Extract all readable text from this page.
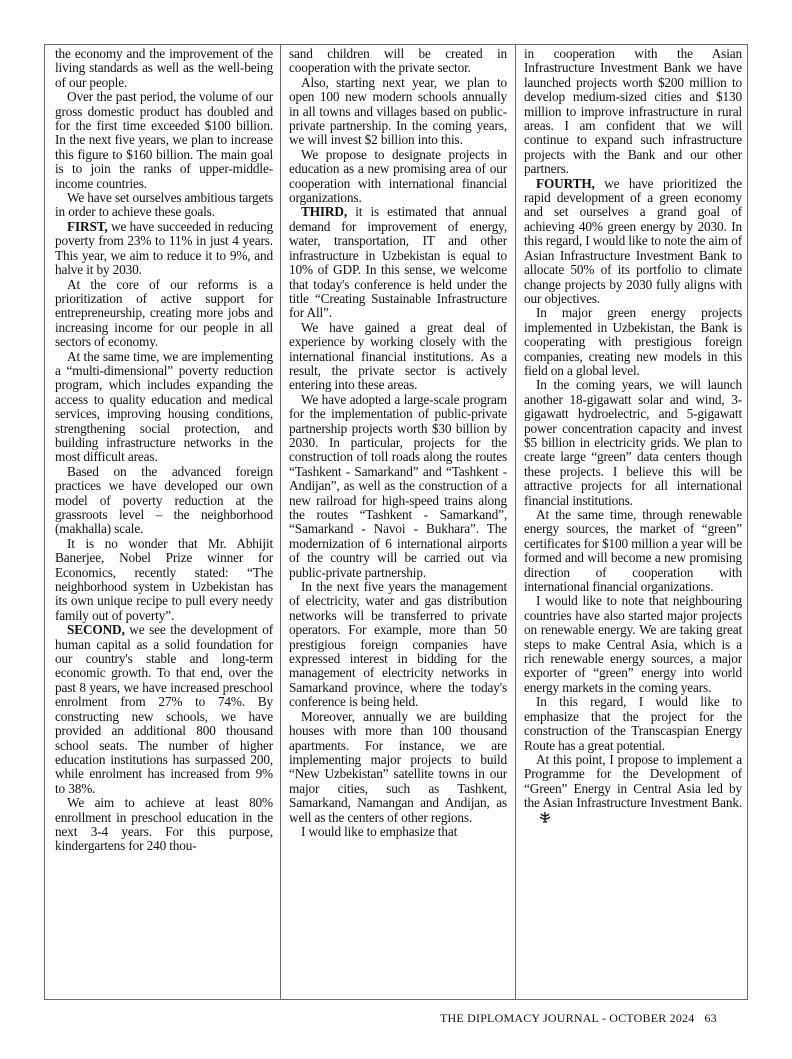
the economy and the improvement of the living standards as well as the well-being of our people.

Over the past period, the volume of our gross domestic product has doubled and for the first time exceeded $100 billion. In the next five years, we plan to increase this figure to $160 billion. The main goal is to join the ranks of upper-middle-income countries.

We have set ourselves ambitious targets in order to achieve these goals.

FIRST, we have succeeded in reducing poverty from 23% to 11% in just 4 years. This year, we aim to reduce it to 9%, and halve it by 2030.

At the core of our reforms is a prioritization of active support for entrepreneurship, creating more jobs and increasing income for our people in all sectors of economy.

At the same time, we are implementing a “multi-dimensional” poverty reduction program, which includes expanding the access to quality education and medical services, improving housing conditions, strengthening social protection, and building infrastructure networks in the most difficult areas.

Based on the advanced foreign practices we have developed our own model of poverty reduction at the grassroots level – the neighborhood (makhalla) scale.

It is no wonder that Mr. Abhijit Banerjee, Nobel Prize winner for Economics, recently stated: “The neighborhood system in Uzbekistan has its own unique recipe to pull every needy family out of poverty”.

SECOND, we see the development of human capital as a solid foundation for our country's stable and long-term economic growth. To that end, over the past 8 years, we have increased preschool enrolment from 27% to 74%. By constructing new schools, we have provided an additional 800 thousand school seats. The number of higher education institutions has surpassed 200, while enrolment has increased from 9% to 38%.

We aim to achieve at least 80% enrollment in preschool education in the next 3-4 years. For this purpose, kindergartens for 240 thou-

sand children will be created in cooperation with the private sector.

Also, starting next year, we plan to open 100 new modern schools annually in all towns and villages based on public-private partnership. In the coming years, we will invest $2 billion into this.

We propose to designate projects in education as a new promising area of our cooperation with international financial organizations.

THIRD, it is estimated that annual demand for improvement of energy, water, transportation, IT and other infrastructure in Uzbekistan is equal to 10% of GDP. In this sense, we welcome that today's conference is held under the title “Creating Sustainable Infrastructure for All”.

We have gained a great deal of experience by working closely with the international financial institutions. As a result, the private sector is actively entering into these areas.

We have adopted a large-scale program for the implementation of public-private partnership projects worth $30 billion by 2030. In particular, projects for the construction of toll roads along the routes “Tashkent - Samarkand” and “Tashkent - Andijan”, as well as the construction of a new railroad for high-speed trains along the routes “Tashkent - Samarkand”, “Samarkand - Navoi - Bukhara”. The modernization of 6 international airports of the country will be carried out via public-private partnership.

In the next five years the management of electricity, water and gas distribution networks will be transferred to private operators. For example, more than 50 prestigious foreign companies have expressed interest in bidding for the management of electricity networks in Samarkand province, where the today's conference is being held.

Moreover, annually we are building houses with more than 100 thousand apartments. For instance, we are implementing major projects to build “New Uzbekistan” satellite towns in our major cities, such as Tashkent, Samarkand, Namangan and Andijan, as well as the centers of other regions.

I would like to emphasize that

in cooperation with the Asian Infrastructure Investment Bank we have launched projects worth $200 million to develop medium-sized cities and $130 million to improve infrastructure in rural areas. I am confident that we will continue to expand such infrastructure projects with the Bank and our other partners.

FOURTH, we have prioritized the rapid development of a green economy and set ourselves a grand goal of achieving 40% green energy by 2030. In this regard, I would like to note the aim of Asian Infrastructure Investment Bank to allocate 50% of its portfolio to climate change projects by 2030 fully aligns with our objectives.

In major green energy projects implemented in Uzbekistan, the Bank is cooperating with prestigious foreign companies, creating new models in this field on a global level.

In the coming years, we will launch another 18-gigawatt solar and wind, 3-gigawatt hydroelectric, and 5-gigawatt power concentration capacity and invest $5 billion in electricity grids. We plan to create large “green” data centers though these projects. I believe this will be attractive projects for all international financial institutions.

At the same time, through renewable energy sources, the market of “green” certificates for $100 million a year will be formed and will become a new promising direction of cooperation with international financial organizations.

I would like to note that neighbouring countries have also started major projects on renewable energy. We are taking great steps to make Central Asia, which is a rich renewable energy sources, a major exporter of “green” energy into world energy markets in the coming years.

In this regard, I would like to emphasize that the project for the construction of the Transcaspian Energy Route has a great potential.

At this point, I propose to implement a Programme for the Development of “Green” Energy in Central Asia led by the Asian Infrastructure Investment Bank.

THE DIPLOMACY JOURNAL - OCTOBER 2024 63
